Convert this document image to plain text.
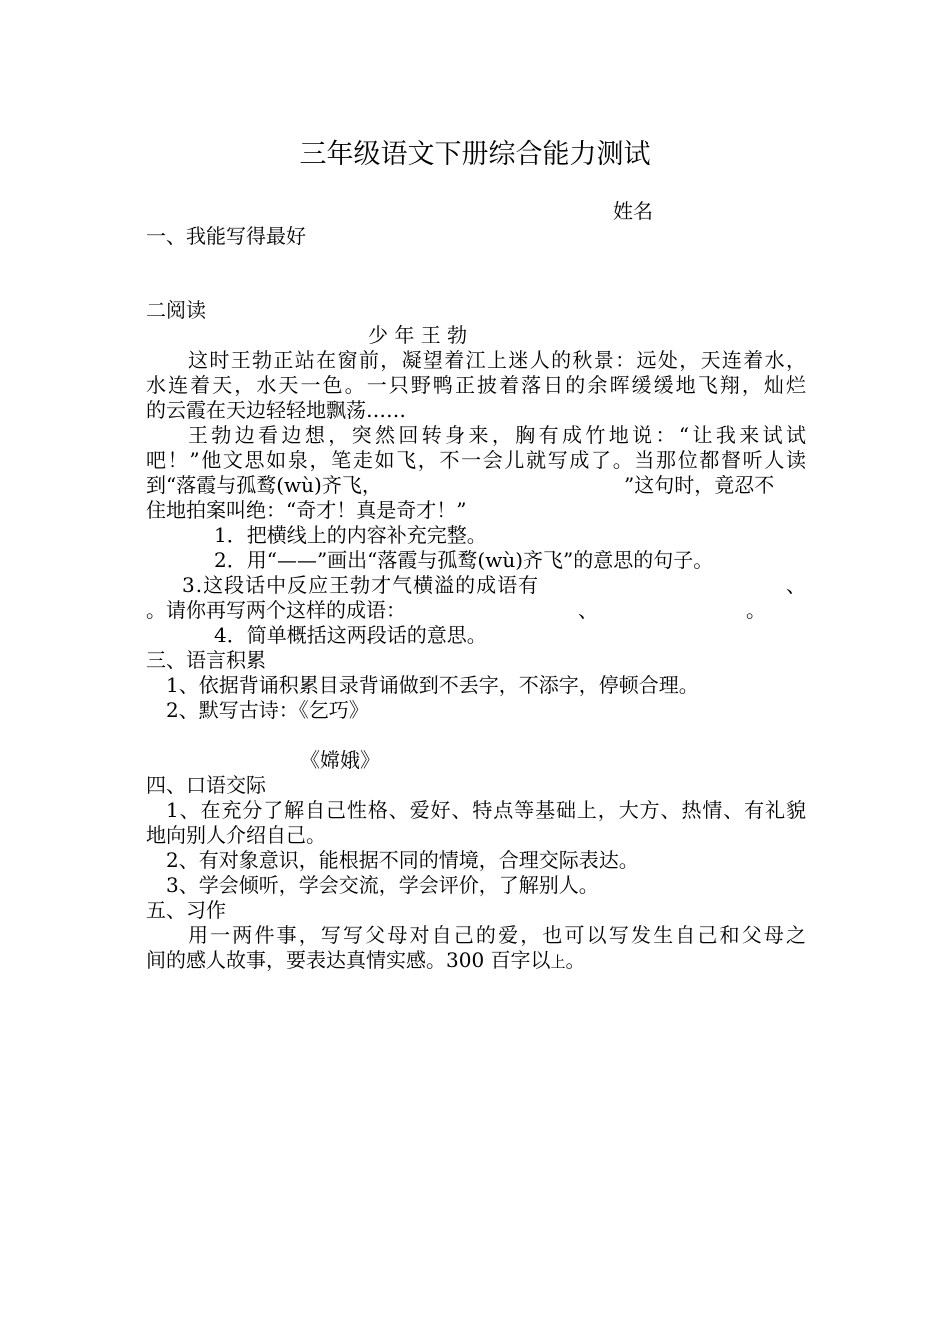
三年级语文下册综合能力测试
姓名
一、我能写得最好
二阅读
少 年 王 勃
这时王勃正站在窗前，凝望着江上迷人的秋景：远处，天连着水，
水连着天，水天一色。一只野鸭正披着落日的余晖缓缓地飞翔，灿烂
的云霞在天边轻轻地飘荡……
王勃边看边想，突然回转身来，胸有成竹地说：“让我来试试
吧！”他文思如泉，笔走如飞，不一会儿就写成了。当那位都督听人读
到“落霞与孤鹜(wù)齐飞，	”这句时，竟忍不
住地拍案叫绝：“奇才！真是奇才！”
1．把横线上的内容补充完整。
2．用“——”画出“落霞与孤鹜(wù)齐飞”的意思的句子。
3.这段话中反应王勃才气横溢的成语有	、
。请你再写两个这样的成语：	、	。
4．简单概括这两段话的意思。
三、语言积累
1、依据背诵积累目录背诵做到不丢字，不添字，停顿合理。
2、默写古诗：《乞巧》
《嫦娥》
四、口语交际
1、在充分了解自己性格、爱好、特点等基础上，大方、热情、有礼貌
地向别人介绍自己。
2、有对象意识，能根据不同的情境，合理交际表达。
3、学会倾听，学会交流，学会评价，了解别人。
五、习作
用一两件事，写写父母对自己的爱，也可以写发生自己和父母之
间的感人故事，要表达真情实感。300 百字以上。
